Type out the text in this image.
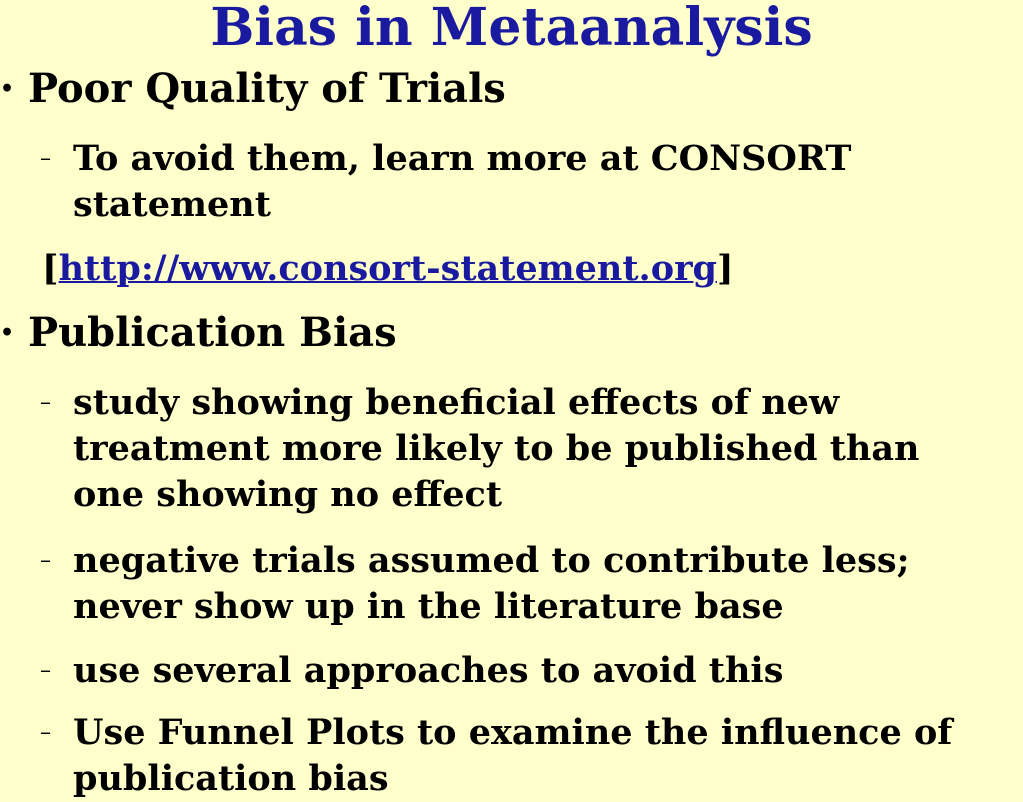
Bias in Metaanalysis
• Poor Quality of Trials
– To avoid them, learn more at CONSORT
statement
[http://www.consort-statement.org]
• Publication Bias
– study showing beneficial effects of new
treatment more likely to be published than
one showing no effect
– negative trials assumed to contribute less;
never show up in the literature base
– use several approaches to avoid this
– Use Funnel Plots to examine the influence of
publication bias
